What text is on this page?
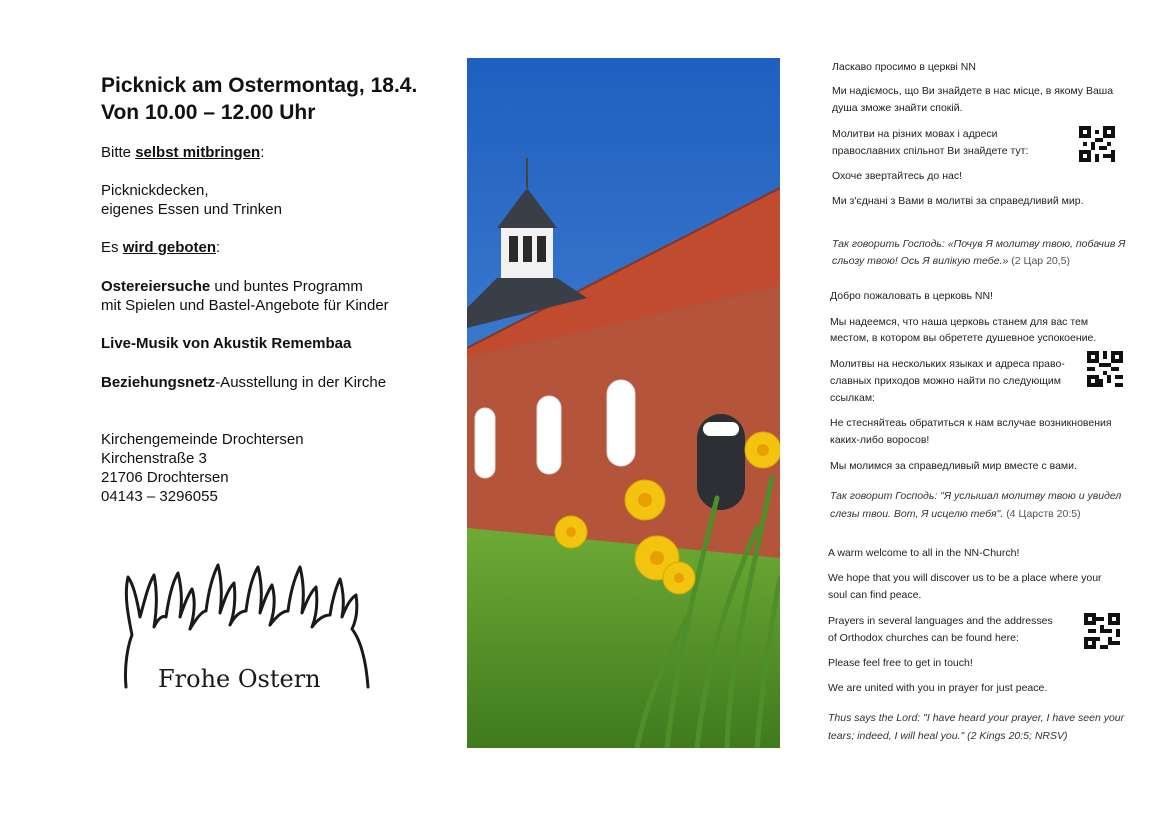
Picknick am Ostermontag, 18.4.
Von 10.00 – 12.00 Uhr
Bitte selbst mitbringen:
Picknickdecken,
eigenes Essen und Trinken
Es wird geboten:
Ostereiersuche und buntes Programm
mit Spielen und Bastel-Angebote für Kinder
Live-Musik von Akustik Remembaa
Beziehungsnetz-Ausstellung in der Kirche
Kirchengemeinde Drochtersen
Kirchenstraße 3
21706 Drochtersen
04143 – 3296055
Frohe Ostern
Ласкаво просимо в церкві NN
Ми надіємось, що Ви знайдете в нас місце, в якому Ваша
душа зможе знайти спокій.
Молитви на різних мовах і адреси
православних спільнот Ви знайдете тут:
Охоче звертайтесь до нас!
Ми з'єднані з Вами в молитві за справедливий мир.
Так говорить Господь: «Почув Я молитву твою, побачив Я
сльозу твою! Ось Я вилікую тебе.» (2 Цар 20,5)
Добро пожаловать в церковь NN!
Мы надеемся, что наша церковь станем для вас тем
местом, в котором вы обретете душевное успокоение.
Молитвы на нескольких языках и адреса право-
славных приходов можно найти по следующим
ссылкам:
Не стесняйтеаь обратиться к нам вслучае возникновения
каких-либо воросов!
Мы молимся за справедливый мир вместе с вами.
Так говорит Господь: "Я услышал молитву твою и увидел
слезы твои. Вот, Я исцелю тебя". (4 Царств 20:5)
A warm welcome to all in the NN-Church!
We hope that you will discover us to be a place where your
soul can find peace.
Prayers in several languages and the addresses
of Orthodox churches can be found here:
Please feel free to get in touch!
We are united with you in prayer for just peace.
Thus says the Lord: "I have heard your prayer, I have seen your
tears; indeed, I will heal you." (2 Kings 20:5; NRSV)
